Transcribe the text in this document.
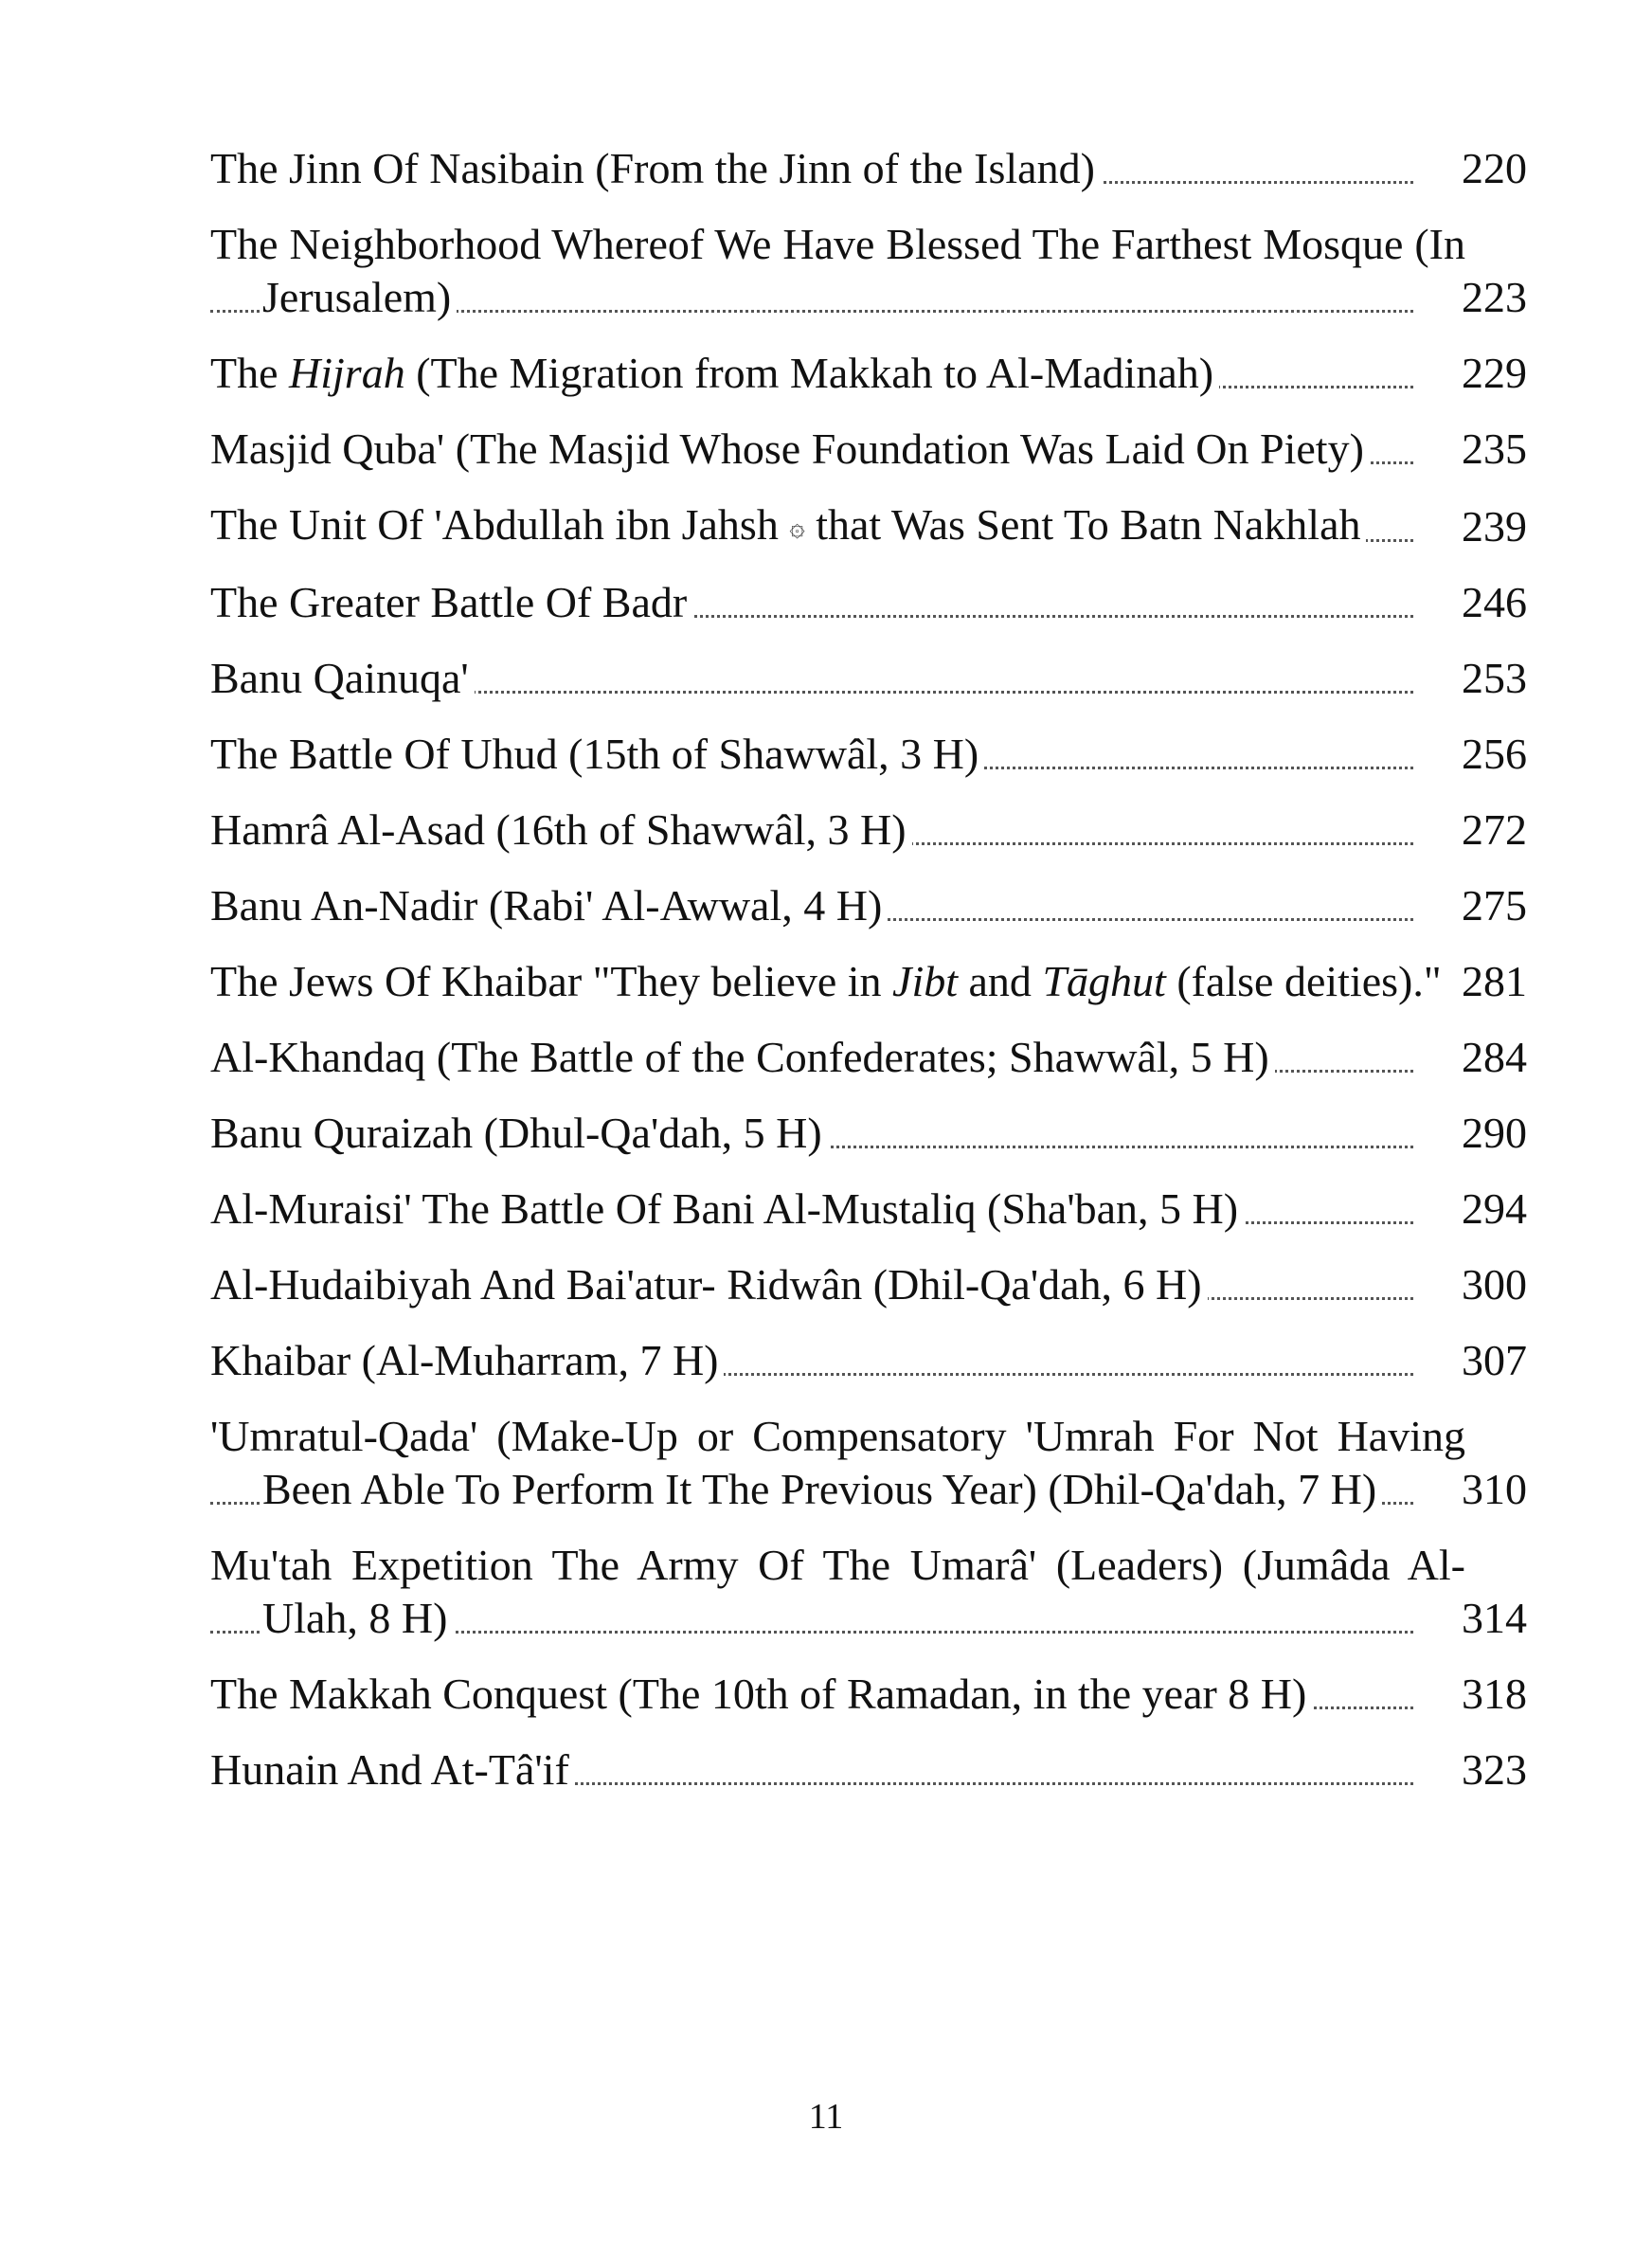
The Jinn Of Nasibain (From the Jinn of the Island)	220
The Neighborhood Whereof We Have Blessed The Farthest Mosque (In Jerusalem)	223
The Hijrah (The Migration from Makkah to Al-Madinah)	229
Masjid Quba' (The Masjid Whose Foundation Was Laid On Piety)	235
The Unit Of 'Abdullah ibn Jahsh ۞ that Was Sent To Batn Nakhlah	239
The Greater Battle Of Badr	246
Banu Qainuqa'	253
The Battle Of Uhud (15th of Shawwâl, 3 H)	256
Hamrâ Al-Asad (16th of Shawwâl, 3 H)	272
Banu An-Nadir (Rabi' Al-Awwal, 4 H)	275
The Jews Of Khaibar "They believe in Jibt and Tāghut (false deities)." 281
Al-Khandaq (The Battle of the Confederates; Shawwâl, 5 H)	284
Banu Quraizah (Dhul-Qa'dah, 5 H)	290
Al-Muraisi' The Battle Of Bani Al-Mustaliq (Sha'ban, 5 H)	294
Al-Hudaibiyah And Bai'atur- Ridwân (Dhil-Qa'dah, 6 H)	300
Khaibar (Al-Muharram, 7 H)	307
'Umratul-Qada' (Make-Up or Compensatory 'Umrah For Not Having Been Able To Perform It The Previous Year) (Dhil-Qa'dah, 7 H)	310
Mu'tah Expetition The Army Of The Umarâ' (Leaders) (Jumâda Al-Ulah, 8 H)	314
The Makkah Conquest (The 10th of Ramadan, in the year 8 H)	318
Hunain And At-Tâ'if	323
11
